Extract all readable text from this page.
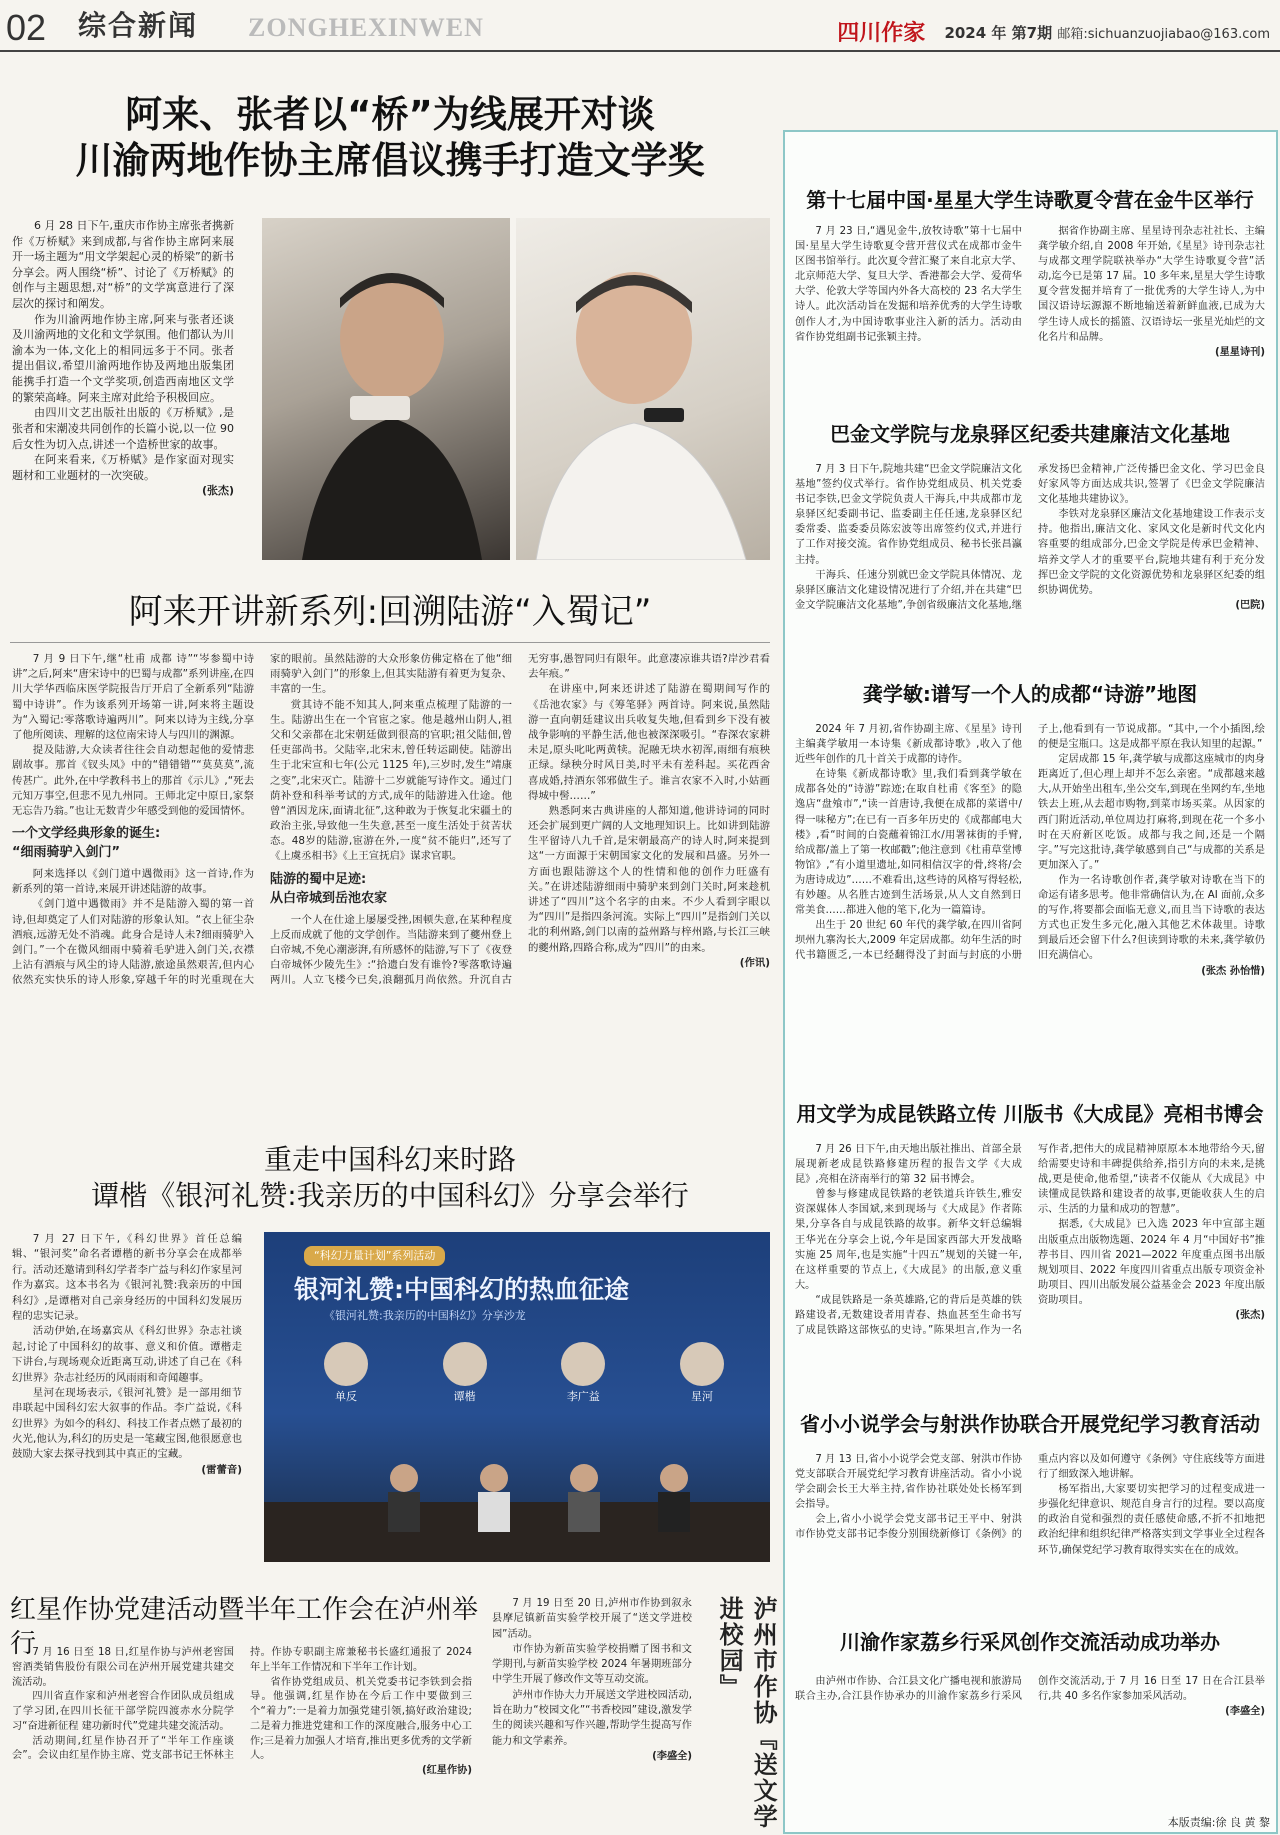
02 综合新闻 ZONGHEXINWEN	四川作家 2024 年 第7期 邮箱:sichuanzuojiabao@163.com
阿来、张者以“桥”为线展开对谈
川渝两地作协主席倡议携手打造文学奖

6 月 28 日下午,重庆市作协主席张者携新作《万桥赋》来到成都,与省作协主席阿来展开一场主题为“用文学架起心灵的桥梁”的新书分享会。两人围绕“桥”、讨论了《万桥赋》的创作与主题思想,对“桥”的文学寓意进行了深层次的探讨和阐发。

作为川渝两地作协主席,阿来与张者还谈及川渝两地的文化和文学氛围。他们都认为川渝本为一体,文化上的相同远多于不同。张者提出倡议,希望川渝两地作协及两地出版集团能携手打造一个文学奖项,创造西南地区文学的繁荣高峰。阿来主席对此给予积极回应。

由四川文艺出版社出版的《万桥赋》,是张者和宋潮凌共同创作的长篇小说,以一位 90 后女性为切入点,讲述一个造桥世家的故事。

在阿来看来,《万桥赋》是作家面对现实题材和工业题材的一次突破。

(张杰)

阿来开讲新系列:回溯陆游“入蜀记”

7 月 9 日下午,继“杜甫 成都 诗”“岑参蜀中诗讲”之后,阿来“唐宋诗中的巴蜀与成都”系列讲座,在四川大学华西临床医学院报告厅开启了全新系列“陆游蜀中诗讲”。作为该系列开场第一讲,阿来将主题设为“入蜀记:零落歌诗遍两川”。阿来以诗为主线,分享了他所阅读、理解的这位南宋诗人与四川的渊源。

提及陆游,大众读者往往会自动想起他的爱情悲剧故事。那首《钗头凤》中的“错错错”“莫莫莫”,流传甚广。此外,在中学教科书上的那首《示儿》,“死去元知万事空,但悲不见九州同。王师北定中原日,家祭无忘告乃翁。”也让无数青少年感受到他的爱国情怀。

一个文学经典形象的诞生:
“细雨骑驴入剑门”

阿来选择以《剑门道中遇微雨》这一首诗,作为新系列的第一首诗,来展开讲述陆游的故事。

《剑门道中遇微雨》并不是陆游入蜀的第一首诗,但却奠定了人们对陆游的形象认知。“衣上征尘杂酒痕,远游无处不消魂。此身合是诗人未?细雨骑驴入剑门。”一个在微风细雨中骑着毛驴进入剑门关,衣襟上沾有酒痕与风尘的诗人陆游,旅途虽然艰苦,但内心依然充实快乐的诗人形象,穿越千年的时光重现在大家的眼前。虽然陆游的大众形象仿佛定格在了他“细雨骑驴入剑门”的形象上,但其实陆游有着更为复杂、丰富的一生。

赏其诗不能不知其人,阿来重点梳理了陆游的一生。陆游出生在一个官宦之家。他是越州山阴人,祖父和父亲都在北宋朝廷做到很高的官职;祖父陆佃,曾任吏部尚书。父陆宰,北宋末,曾任转运副使。陆游出生于北宋宣和七年(公元 1125 年),三岁时,发生“靖康之变”,北宋灭亡。陆游十二岁就能写诗作文。通过门荫补登和科举考试的方式,成年的陆游进入仕途。他曾“酒因龙床,面请北征”,这种敢为于恢复北宋疆土的政治主张,导致他一生失意,甚至一度生活处于贫苦状态。48岁的陆游,宦游在外,一度“贫不能归”,还写了《上虞丞相书》《上王宣抚启》谋求官职。

陆游的蜀中足迹:
从白帝城到岳池农家

一个人在仕途上屡屡受挫,困顿失意,在某种程度上反而成就了他的文学创作。当陆游来到了夔州登上白帝城,不免心潮澎湃,有所感怀的陆游,写下了《夜登白帝城怀少陵先生》:“拾遗白发有谁怜?零落歌诗遍两川。人立飞楼今已矣,浪翻孤月尚依然。升沉自古无穷事,愚智同归有限年。此意凄凉谁共语?岸沙君看去年痕。”

在讲座中,阿来还讲述了陆游在蜀期间写作的《岳池农家》与《筹笔驿》两首诗。阿来说,虽然陆游一直向朝廷建议出兵收复失地,但看到乡下没有被战争影响的平静生活,他也被深深吸引。“春深农家耕未足,原头叱叱两黄犊。泥融无块水初浑,雨细有痕秧正绿。绿秧分时风日美,时平未有差科起。买花西舍喜成婚,持酒东邻邪做生子。谁言农家不入时,小姑画得城中髻……”

熟悉阿来古典讲座的人都知道,他讲诗词的同时还会扩展到更广阔的人文地理知识上。比如讲到陆游生平留诗八九千首,是宋朝最高产的诗人时,阿来提到这“一方面源于宋朝国家文化的发展和昌盛。另外一方面也跟陆游这个人的性情和他的创作力旺盛有关。”在讲述陆游细雨中骑驴来到剑门关时,阿来趁机讲述了“四川”这个名字的由来。不少人看到字眼以为“四川”是指四条河流。实际上“四川”是指剑门关以北的利州路,剑门以南的益州路与梓州路,与长江三峡的夔州路,四路合称,成为“四川”的由来。

(作讯)

重走中国科幻来时路
谭楷《银河礼赞:我亲历的中国科幻》分享会举行

7 月 27 日下午,《科幻世界》首任总编辑、“银河奖”命名者谭楷的新书分享会在成都举行。活动还邀请到科幻学者李广益与科幻作家星河作为嘉宾。这本书名为《银河礼赞:我亲历的中国科幻》,是谭楷对自己亲身经历的中国科幻发展历程的忠实记录。

活动伊始,在场嘉宾从《科幻世界》杂志社谈起,讨论了中国科幻的故事、意义和价值。谭楷走下讲台,与现场观众近距离互动,讲述了自己在《科幻世界》杂志社经历的风雨雨和奇闻趣事。

星河在现场表示,《银河礼赞》是一部用细节串联起中国科幻宏大叙事的作品。李广益说,《科幻世界》为如今的科幻、科技工作者点燃了最初的火光,他认为,科幻的历史是一笔藏宝图,他很愿意也鼓励大家去探寻找到其中真正的宝藏。

(雷蕾音)

“科幻力量计划”系列活动
银河礼赞:中国科幻的热血征途
《银河礼赞:我亲历的中国科幻》分享沙龙
单反	谭楷	李广益	星河
红星作协党建活动暨半年工作会在泸州举行

7 月 16 日至 18 日,红星作协与泸州老窖国窖酒类销售股份有限公司在泸州开展党建共建交流活动。

四川省直作家和泸州老窖合作团队成员组成了学习团,在四川长征干部学院四渡赤水分院学习“奋进新征程 建功新时代”党建共建交流活动。

活动期间,红星作协召开了“半年工作座谈会”。会议由红星作协主席、党支部书记王怀林主持。作协专职副主席兼秘书长盛红通报了 2024 年上半年工作情况和下半年工作计划。

省作协党组成员、机关党委书记李铁到会指导。他强调,红星作协在今后工作中要做到三个“着力”:一是着力加强党建引领,搞好政治建设;二是着力推进党建和工作的深度融合,服务中心工作;三是着力加强人才培育,推出更多优秀的文学新人。

(红星作协)

7 月 19 日至 20 日,泸州市作协到叙永县摩尼镇新苗实验学校开展了“送文学进校园”活动。

市作协为新苗实验学校捐赠了图书和文学期刊,与新苗实验学校 2024 年暑期班部分中学生开展了修改作文等互动交流。

泸州市作协大力开展送文学进校园活动,旨在助力“校园文化”“书香校园”建设,激发学生的阅读兴趣和写作兴趣,帮助学生提高写作能力和文学素养。

(李盛全)	泸州市作协『送文学进校园』
第十七届中国·星星大学生诗歌夏令营在金牛区举行

7 月 23 日,“遇见金牛,放牧诗歌”第十七届中国·星星大学生诗歌夏令营开营仪式在成都市金牛区图书馆举行。此次夏令营汇聚了来自北京大学、北京师范大学、复旦大学、香港都会大学、爱荷华大学、伦敦大学等国内外各大高校的 23 名大学生诗人。此次活动旨在发掘和培养优秀的大学生诗歌创作人才,为中国诗歌事业注入新的活力。活动由省作协党组副书记张颖主持。

据省作协副主席、星星诗刊杂志社社长、主编龚学敏介绍,自 2008 年开始,《星星》诗刊杂志社与成都文理学院联袂举办“大学生诗歌夏令营”活动,迄今已是第 17 届。10 多年来,星星大学生诗歌夏令营发掘并培育了一批优秀的大学生诗人,为中国汉语诗坛源源不断地输送着新鲜血液,已成为大学生诗人成长的摇篮、汉语诗坛一张星光灿烂的文化名片和品牌。

(星星诗刊)

巴金文学院与龙泉驿区纪委共建廉洁文化基地

7 月 3 日下午,院地共建“巴金文学院廉洁文化基地”签约仪式举行。省作协党组成员、机关党委书记李铁,巴金文学院负责人干海兵,中共成都市龙泉驿区纪委副书记、监委副主任任速,龙泉驿区纪委常委、监委委员陈宏波等出席签约仪式,并进行了工作对接交流。省作协党组成员、秘书长张昌瀛主持。

干海兵、任速分别就巴金文学院具体情况、龙泉驿区廉洁文化建设情况进行了介绍,并在共建“巴金文学院廉洁文化基地”,争创省级廉洁文化基地,继承发扬巴金精神,广泛传播巴金文化、学习巴金良好家风等方面达成共识,签署了《巴金文学院廉洁文化基地共建协议》。

李铁对龙泉驿区廉洁文化基地建设工作表示支持。他指出,廉洁文化、家风文化是新时代文化内容重要的组成部分,巴金文学院是传承巴金精神、培养文学人才的重要平台,院地共建有利于充分发挥巴金文学院的文化资源优势和龙泉驿区纪委的组织协调优势。

(巴院)

龚学敏:谱写一个人的成都“诗游”地图

2024 年 7 月初,省作协副主席、《星星》诗刊主编龚学敏用一本诗集《新成都诗歌》,收入了他近些年创作的几十首关于成都的诗作。

在诗集《新成都诗歌》里,我们看到龚学敏在成都各处的“诗游”踪迹;在取自杜甫《客至》的隐逸店“盘飧市”,“读一首唐诗,我便在成都的菜谱中/得一味秘方”;在已有一百多年历史的《成都邮电大楼》,看“时间的白瓷蘸着锦江水/用署袜街的手臂,给成都/盖上了第一枚邮戳”;他注意到《杜甫草堂博物馆》,“有小道里遗址,如同相信汉字的骨,终将/会为唐诗成边”……不难看出,这些诗的风格写得轻松,有妙趣。从名胜古迹到生活场景,从人文自然到日常美食……都进入他的笔下,化为一篇篇诗。

出生于 20 世纪 60 年代的龚学敏,在四川省阿坝州九寨沟长大,2009 年定居成都。幼年生活的时代书籍匮乏,一本已经翻得没了封面与封底的小册子上,他看到有一节说成都。“其中,一个小插图,绘的便是宝瓶口。这是成都平原在我认知里的起源。”

定居成都 15 年,龚学敏与成都这座城市的肉身距离近了,但心理上却并不怎么亲密。“成都越来越大,从开始坐出租车,坐公交车,到现在坐网约车,坐地铁去上班,从去超市购物,到菜市场买菜。从因家的西门附近活动,单位周边打麻将,到现在花一个多小时在天府新区吃饭。成都与我之间,还是一个隔字。”写完这批诗,龚学敏感到自己“与成都的关系是更加深入了。”

作为一名诗歌创作者,龚学敏对诗歌在当下的命运有诸多思考。他非常确信认为,在 AI 面前,众多的写作,将要都会面临无意义,而且当下诗歌的表达方式也正发生多元化,融入其他艺术体裁里。诗歌到最后还会留下什么?但读到诗歌的未来,龚学敏仍旧充满信心。

(张杰 孙怡惜)

用文学为成昆铁路立传 川版书《大成昆》亮相书博会

7 月 26 日下午,由天地出版社推出、首部全景展现新老成昆铁路修建历程的报告文学《大成昆》,亮相在济南举行的第 32 届书博会。

曾参与修建成昆铁路的老铁道兵许铁生,雅安资深媒体人李国斌,来到现场与《大成昆》作者陈果,分享各自与成昆铁路的故事。新华文轩总编辑王华光在分享会上说,今年是国家西部大开发战略实施 25 周年,也是实施“十四五”规划的关键一年,在这样重要的节点上,《大成昆》的出版,意义重大。

“成昆铁路是一条英雄路,它的背后是英雄的铁路建设者,无数建设者用青春、热血甚至生命书写了成昆铁路这部恢弘的史诗。”陈果坦言,作为一名写作者,把伟大的成昆精神原原本本地带给今天,留给需要史诗和丰碑提供给养,指引方向的未来,是挑战,更是使命,他希望,“读者不仅能从《大成昆》中读懂成昆铁路和建设者的故事,更能收获人生的启示、生活的力量和成功的智慧”。

据悉,《大成昆》已入选 2023 年中宣部主题出版重点出版物选题、2024 年 4 月“中国好书”推荐书目、四川省 2021—2022 年度重点图书出版规划项目、2022 年度四川省重点出版专项资金补助项目、四川出版发展公益基金会 2023 年度出版资助项目。

(张杰)

省小小说学会与射洪作协联合开展党纪学习教育活动

7 月 13 日,省小小说学会党支部、射洪市作协党支部联合开展党纪学习教育讲座活动。省小小说学会副会长王大举主持,省作协社联处处长杨军到会指导。

会上,省小小说学会党支部书记王平中、射洪市作协党支部书记李俊分别围绕新修订《条例》的重点内容以及如何遵守《条例》守住底线等方面进行了细致深入地讲解。

杨军指出,大家要切实把学习的过程变成进一步强化纪律意识、规范自身言行的过程。要以高度的政治自觉和强烈的责任感使命感,不折不扣地把政治纪律和组织纪律严格落实到文学事业全过程各环节,确保党纪学习教育取得实实在在的成效。

川渝作家荔乡行采风创作交流活动成功举办

由泸州市作协、合江县文化广播电视和旅游局联合主办,合江县作协承办的川渝作家荔乡行采风创作交流活动,于 7 月 16 日至 17 日在合江县举行,共 40 多名作家参加采风活动。

(李盛全)

本版责编:徐 良 黄 黎
